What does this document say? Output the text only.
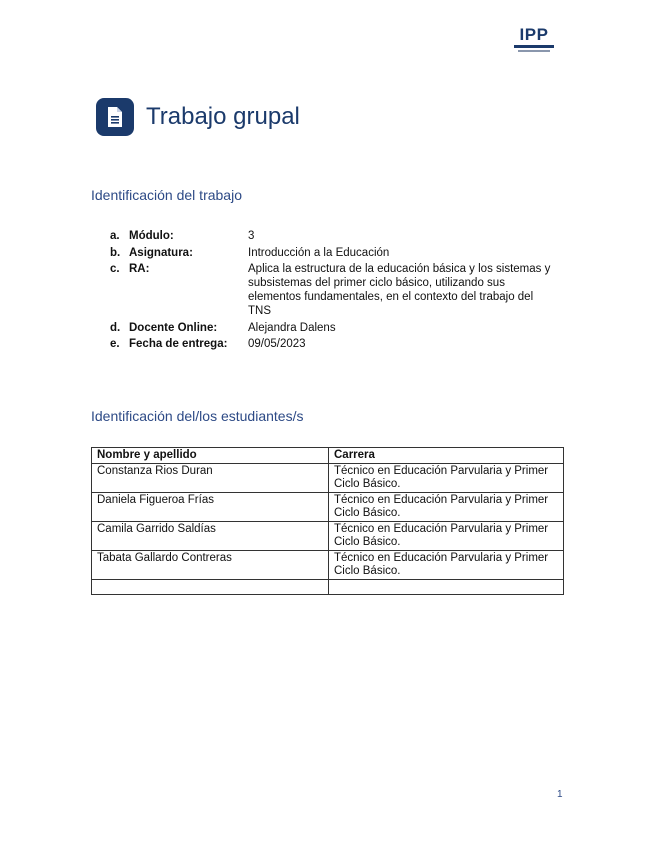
IPP
Trabajo grupal
Identificación del trabajo
a. Módulo:	3
b. Asignatura:	Introducción a la Educación
c. RA:	Aplica la estructura de la educación básica y los sistemas y subsistemas del primer ciclo básico, utilizando sus elementos fundamentales, en el contexto del trabajo del TNS
d. Docente Online:	Alejandra Dalens
e. Fecha de entrega:	09/05/2023
Identificación del/los estudiantes/s
Nombre y apellido	Carrera
Constanza Rios Duran	Técnico en Educación Parvularia y Primer Ciclo Básico.
Daniela Figueroa Frías	Técnico en Educación Parvularia y Primer Ciclo Básico.
Camila Garrido Saldías	Técnico en Educación Parvularia y Primer Ciclo Básico.
Tabata Gallardo Contreras	Técnico en Educación Parvularia y Primer Ciclo Básico.

1
